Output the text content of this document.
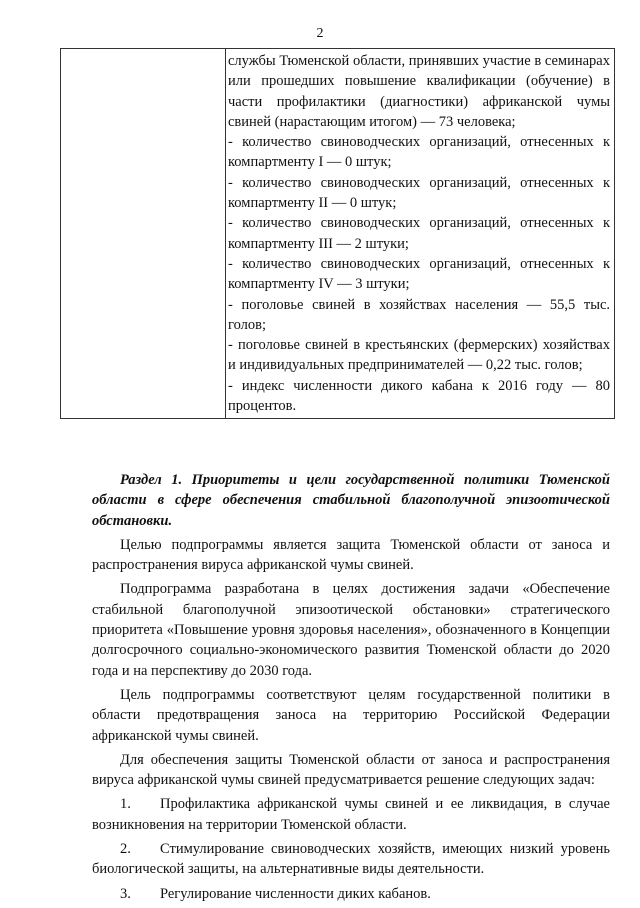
2

службы Тюменской области, принявших участие в семинарах или прошедших повышение квалификации (обучение) в части профилактики (диагностики) африканской чумы свиней (нарастающим итогом) — 73 человека;

- количество свиноводческих организаций, отнесенных к компартменту I — 0 штук;

- количество свиноводческих организаций, отнесенных к компартменту II — 0 штук;

- количество свиноводческих организаций, отнесенных к компартменту III — 2 штуки;

- количество свиноводческих организаций, отнесенных к компартменту IV — 3 штуки;

- поголовье свиней в хозяйствах населения — 55,5 тыс. голов;

- поголовье свиней в крестьянских (фермерских) хозяйствах и индивидуальных предпринимателей — 0,22 тыс. голов;

- индекс численности дикого кабана к 2016 году — 80 процентов.

Раздел 1. Приоритеты и цели государственной политики Тюменской области в сфере обеспечения стабильной благополучной эпизоотической обстановки.

Целью подпрограммы является защита Тюменской области от заноса и распространения вируса африканской чумы свиней.

Подпрограмма разработана в целях достижения задачи «Обеспечение стабильной благополучной эпизоотической обстановки» стратегического приоритета «Повышение уровня здоровья населения», обозначенного в Концепции долгосрочного социально-экономического развития Тюменской области до 2020 года и на перспективу до 2030 года.

Цель подпрограммы соответствуют целям государственной политики в области предотвращения заноса на территорию Российской Федерации африканской чумы свиней.

Для обеспечения защиты Тюменской области от заноса и распространения вируса африканской чумы свиней предусматривается решение следующих задач:

1. Профилактика африканской чумы свиней и ее ликвидация, в случае возникновения на территории Тюменской области.

2. Стимулирование свиноводческих хозяйств, имеющих низкий уровень биологической защиты, на альтернативные виды деятельности.

3. Регулирование численности диких кабанов.
